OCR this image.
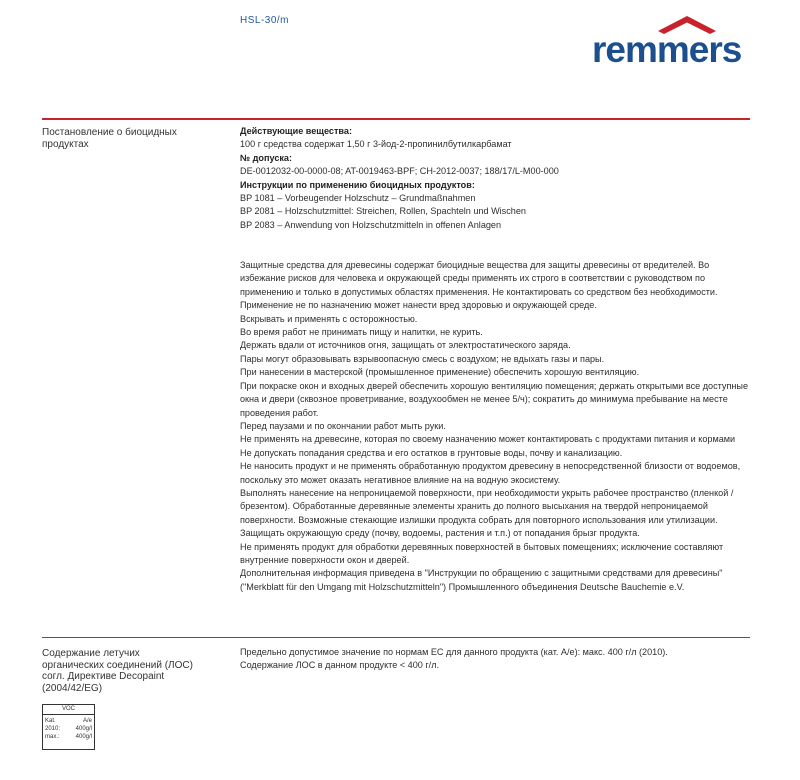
HSL-30/m
remmers
Постановление о биоцидных продуктах
Действующие вещества:
100 г средства содержат 1,50 г 3-йод-2-пропинилбутилкарбамат
№ допуска:
DE-0012032-00-0000-08; AT-0019463-BPF; CH-2012-0037; 188/17/L-M00-000
Инструкции по применению биоцидных продуктов:
BP 1081 – Vorbeugender Holzschutz – Grundmaßnahmen
BP 2081 – Holzschutzmittel: Streichen, Rollen, Spachteln und Wischen
BP 2083 – Anwendung von Holzschutzmitteln in offenen Anlagen
Защитные средства для древесины содержат биоцидные вещества для защиты древесины от вредителей. Во избежание рисков для человека и окружающей среды применять их строго в соответствии с руководством по применению и только в допустимых областях применения. Не контактировать со средством без необходимости. Применение не по назначению может нанести вред здоровью и окружающей среде.
Вскрывать и применять с осторожностью.
Во время работ не принимать пищу и напитки, не курить.
Держать вдали от источников огня, защищать от электростатического заряда.
Пары могут образовывать взрывоопасную смесь с воздухом; не вдыхать газы и пары.
При нанесении в мастерской (промышленное применение) обеспечить хорошую вентиляцию.
При покраске окон и входных дверей обеспечить хорошую вентиляцию помещения; держать открытыми все доступные окна и двери (сквозное проветривание, воздухообмен не менее 5/ч); сократить до минимума пребывание на месте проведения работ.
Перед паузами и по окончании работ мыть руки.
Не применять на древесине, которая по своему назначению может контактировать с продуктами питания и кормами
Не допускать попадания средства и его остатков в грунтовые воды, почву и канализацию.
Не наносить продукт и не применять обработанную продуктом древесину в непосредственной близости от водоемов, поскольку это может оказать негативное влияние на на водную экосистему.
Выполнять нанесение на непроницаемой поверхности, при необходимости укрыть рабочее пространство (пленкой / брезентом). Обработанные деревянные элементы хранить до полного высыхания на твердой непроницаемой поверхности. Возможные стекающие излишки продукта собрать для повторного использования или утилизации.
Защищать окружающую среду (почву, водоемы, растения и т.п.) от попадания брызг продукта.
Не применять продукт для обработки деревянных поверхностей в бытовых помещениях; исключение составляют внутренние поверхности окон и дверей.
Дополнительная информация приведена в "Инструкции по обращению с защитными средствами для древесины" ("Merkblatt für den Umgang mit Holzschutzmitteln") Промышленного объединения Deutsche Bauchemie e.V.
Содержание летучих органических соединений (ЛОС) согл. Директиве Decopaint (2004/42/EG)
Предельно допустимое значение по нормам ЕС для данного продукта (кат. A/e): макс. 400 г/л (2010).
Содержание ЛОС в данном продукте < 400 г/л.
VOC
Kat.	A/e
2010:	400g/l
max.:	400g/l
